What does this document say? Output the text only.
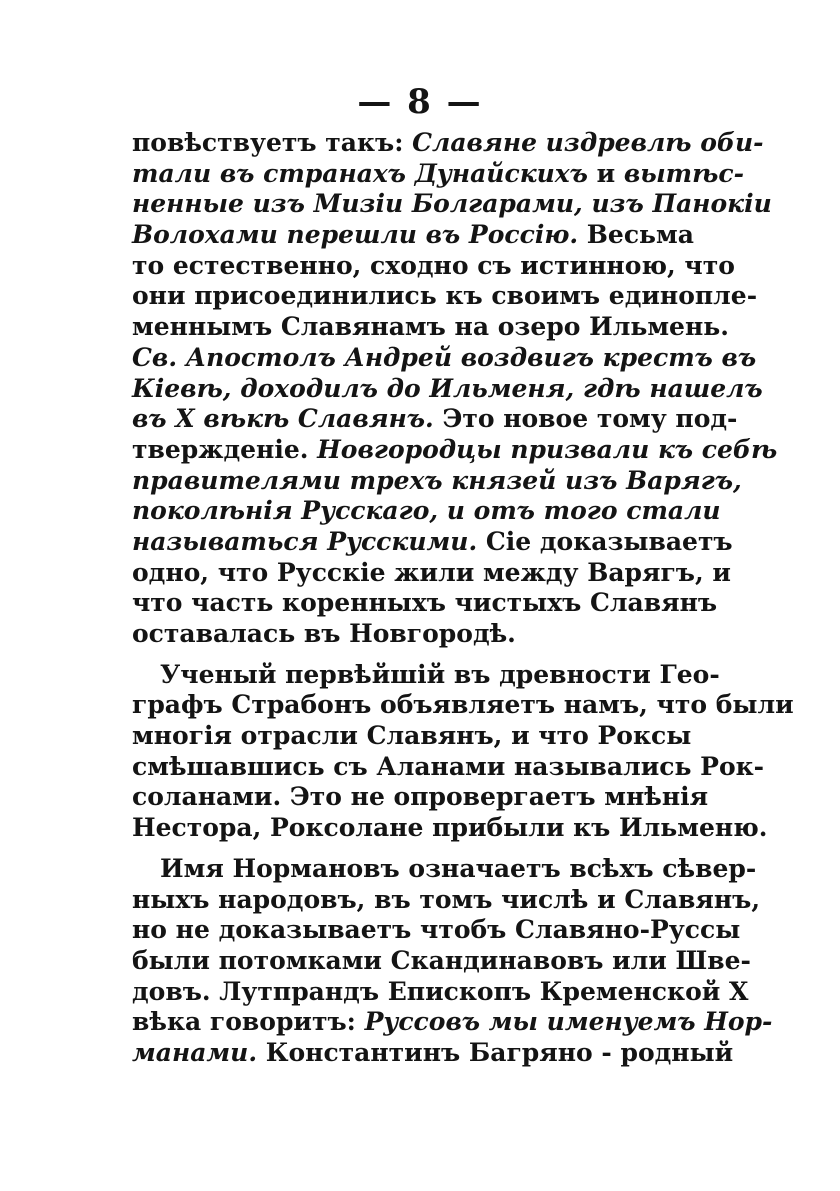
— 8 —
повѣствуетъ такъ: Славяне издревлѣ оби-
тали въ странахъ Дунайскихъ и вытѣс-
ненные изъ Мизіи Болгарами, изъ Панокіи
Волохами перешли въ Россію. Весьма
то естественно, сходно съ истинною, что
они присоединились къ своимъ единопле-
меннымъ Славянамъ на озеро Ильмень.
Св. Апостолъ Андрей воздвигъ крестъ въ
Кіевѣ, доходилъ до Ильменя, гдѣ нашелъ
въ X вѣкѣ Славянъ. Это новое тому под-
твержденіе. Новгородцы призвали къ себѣ
правителями трехъ князей изъ Варягъ,
поколѣнія Русскаго, и отъ того стали
называться Русскими. Сіе доказываетъ
одно, что Русскіе жили между Варягъ, и
что часть коренныхъ чистыхъ Славянъ
оставалась въ Новгородѣ.
Ученый первѣйшій въ древности Гео-
графъ Страбонъ объявляетъ намъ, что были
многія отрасли Славянъ, и что Роксы
смѣшавшись съ Аланами назывались Рок-
соланами. Это не опровергаетъ мнѣнія
Нестора, Роксолане прибыли къ Ильменю.
Имя Нормановъ означаетъ всѣхъ сѣвер-
ныхъ народовъ, въ томъ числѣ и Славянъ,
но не доказываетъ чтобъ Славяно-Руссы
были потомками Скандинавовъ или Шве-
довъ. Лутпрандъ Епископъ Кременской X
вѣка говоритъ: Руссовъ мы именуемъ Нор-
манами. Константинъ Багряно - родный
